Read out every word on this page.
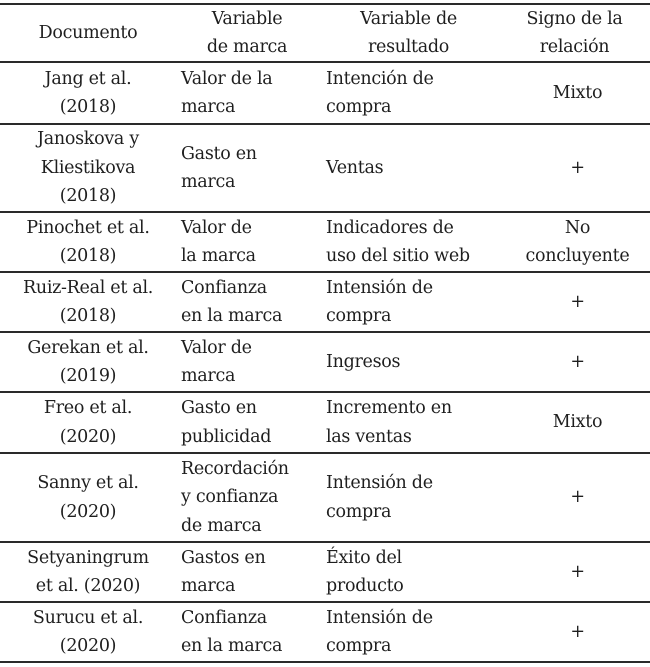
Documento
Variable
de marca
Variable de
resultado
Signo de la
relación
Jang et al.
(2018)
Valor de la
marca
Intención de
compra
Mixto
Janoskova y
Kliestikova
(2018)
Gasto en
marca
Ventas	+
Pinochet et al.
(2018)
Valor de
la marca
Indicadores de
uso del sitio web
No
concluyente
Ruiz-Real et al.
(2018)
Confianza
en la marca
Intensión de
compra
+
Gerekan et al.
(2019)
Valor de
marca
Ingresos	+
Freo et al.
(2020)
Gasto en
publicidad
Incremento en
las ventas
Mixto
Sanny et al.
(2020)
Recordación
y confianza
de marca
Intensión de
compra
+
Setyaningrum
et al. (2020)
Gastos en
marca
Éxito del
producto
+
Surucu et al.
(2020)
Confianza
en la marca
Intensión de
compra
+
